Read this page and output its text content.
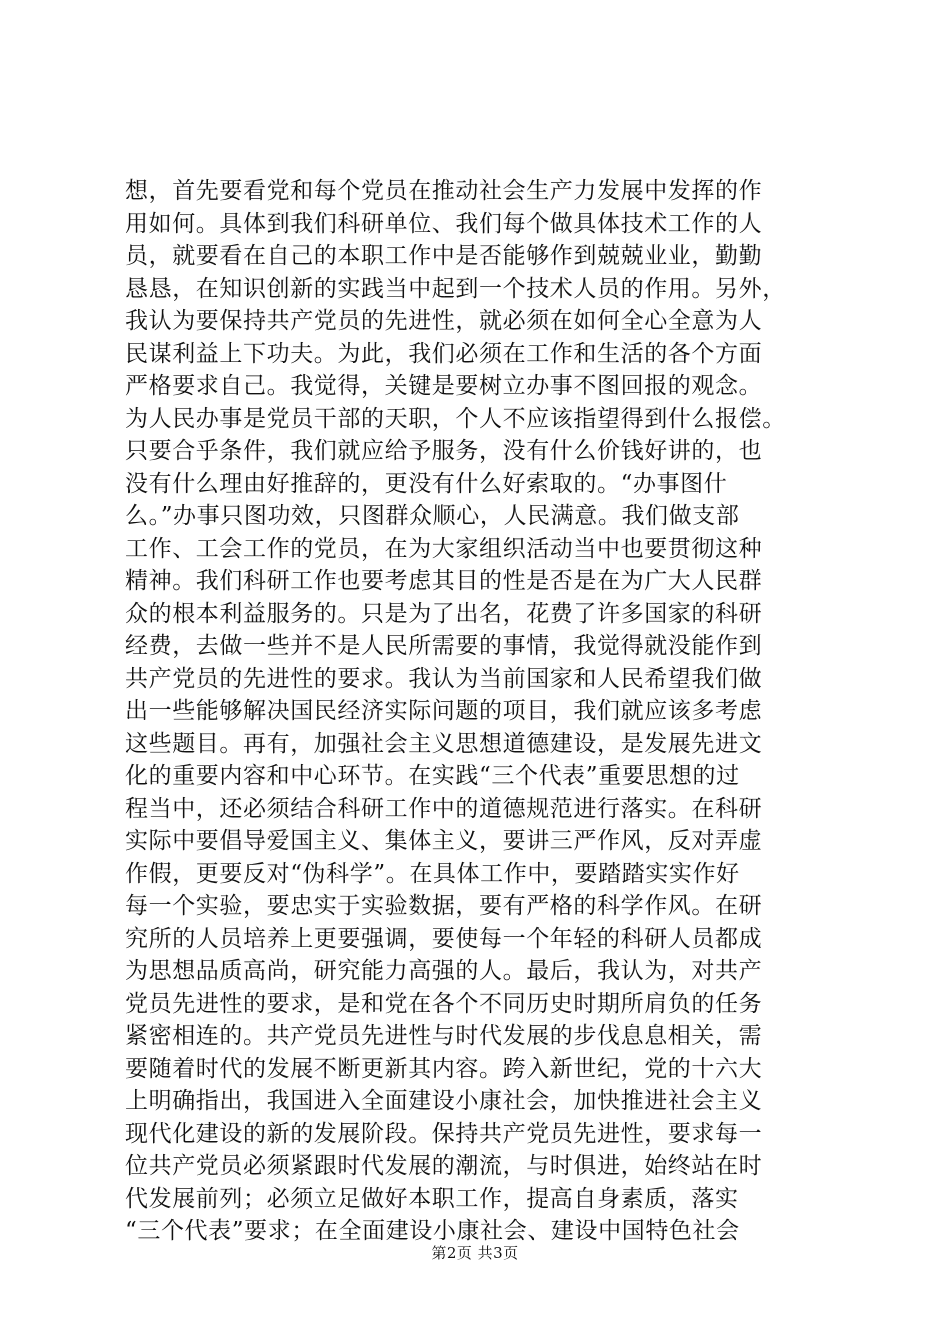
想，首先要看党和每个党员在推动社会生产力发展中发挥的作
用如何。具体到我们科研单位、我们每个做具体技术工作的人
员，就要看在自己的本职工作中是否能够作到兢兢业业，勤勤
恳恳，在知识创新的实践当中起到一个技术人员的作用。另外，
我认为要保持共产党员的先进性，就必须在如何全心全意为人
民谋利益上下功夫。为此，我们必须在工作和生活的各个方面
严格要求自己。我觉得，关键是要树立办事不图回报的观念。
为人民办事是党员干部的天职，个人不应该指望得到什么报偿。
只要合乎条件，我们就应给予服务，没有什么价钱好讲的，也
没有什么理由好推辞的，更没有什么好索取的。“办事图什
么。”办事只图功效，只图群众顺心，人民满意。我们做支部
工作、工会工作的党员，在为大家组织活动当中也要贯彻这种
精神。我们科研工作也要考虑其目的性是否是在为广大人民群
众的根本利益服务的。只是为了出名，花费了许多国家的科研
经费，去做一些并不是人民所需要的事情，我觉得就没能作到
共产党员的先进性的要求。我认为当前国家和人民希望我们做
出一些能够解决国民经济实际问题的项目，我们就应该多考虑
这些题目。再有，加强社会主义思想道德建设，是发展先进文
化的重要内容和中心环节。在实践“三个代表”重要思想的过
程当中，还必须结合科研工作中的道德规范进行落实。在科研
实际中要倡导爱国主义、集体主义，要讲三严作风，反对弄虚
作假，更要反对“伪科学”。在具体工作中，要踏踏实实作好
每一个实验，要忠实于实验数据，要有严格的科学作风。在研
究所的人员培养上更要强调，要使每一个年轻的科研人员都成
为思想品质高尚，研究能力高强的人。最后，我认为，对共产
党员先进性的要求，是和党在各个不同历史时期所肩负的任务
紧密相连的。共产党员先进性与时代发展的步伐息息相关，需
要随着时代的发展不断更新其内容。跨入新世纪，党的十六大
上明确指出，我国进入全面建设小康社会，加快推进社会主义
现代化建设的新的发展阶段。保持共产党员先进性，要求每一
位共产党员必须紧跟时代发展的潮流，与时俱进，始终站在时
代发展前列；必须立足做好本职工作，提高自身素质，落实
“三个代表”要求；在全面建设小康社会、建设中国特色社会
第2页 共3页
